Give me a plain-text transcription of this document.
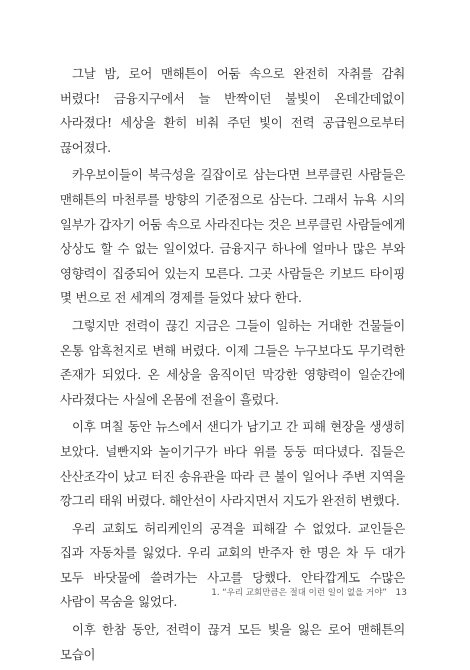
그날 밤, 로어 맨해튼이 어둠 속으로 완전히 자취를 감춰 버렸다! 금융지구에서 늘 반짝이던 불빛이 온데간데없이 사라졌다! 세상을 환히 비춰 주던 빛이 전력 공급원으로부터 끊어졌다.

카우보이들이 북극성을 길잡이로 삼는다면 브루클린 사람들은 맨해튼의 마천루를 방향의 기준점으로 삼는다. 그래서 뉴욕 시의 일부가 갑자기 어둠 속으로 사라진다는 것은 브루클린 사람들에게 상상도 할 수 없는 일이었다. 금융지구 하나에 얼마나 많은 부와 영향력이 집중되어 있는지 모른다. 그곳 사람들은 키보드 타이핑 몇 번으로 전 세계의 경제를 들었다 놨다 한다.

그렇지만 전력이 끊긴 지금은 그들이 일하는 거대한 건물들이 온통 암흑천지로 변해 버렸다. 이제 그들은 누구보다도 무기력한 존재가 되었다. 온 세상을 움직이던 막강한 영향력이 일순간에 사라졌다는 사실에 온몸에 전율이 흘렀다.

이후 며칠 동안 뉴스에서 샌디가 남기고 간 피해 현장을 생생히 보았다. 널빤지와 놀이기구가 바다 위를 둥둥 떠다녔다. 집들은 산산조각이 났고 터진 송유관을 따라 큰 불이 일어나 주변 지역을 깡그리 태워 버렸다. 해안선이 사라지면서 지도가 완전히 변했다.

우리 교회도 허리케인의 공격을 피해갈 수 없었다. 교인들은 집과 자동차를 잃었다. 우리 교회의 반주자 한 명은 차 두 대가 모두 바닷물에 쓸려가는 사고를 당했다. 안타깝게도 수많은 사람이 목숨을 잃었다.

이후 한참 동안, 전력이 끊겨 모든 빛을 잃은 로어 맨해튼의 모습이

1. “우리 교회만큼은 절대 이런 일이 없을 거야” 13
